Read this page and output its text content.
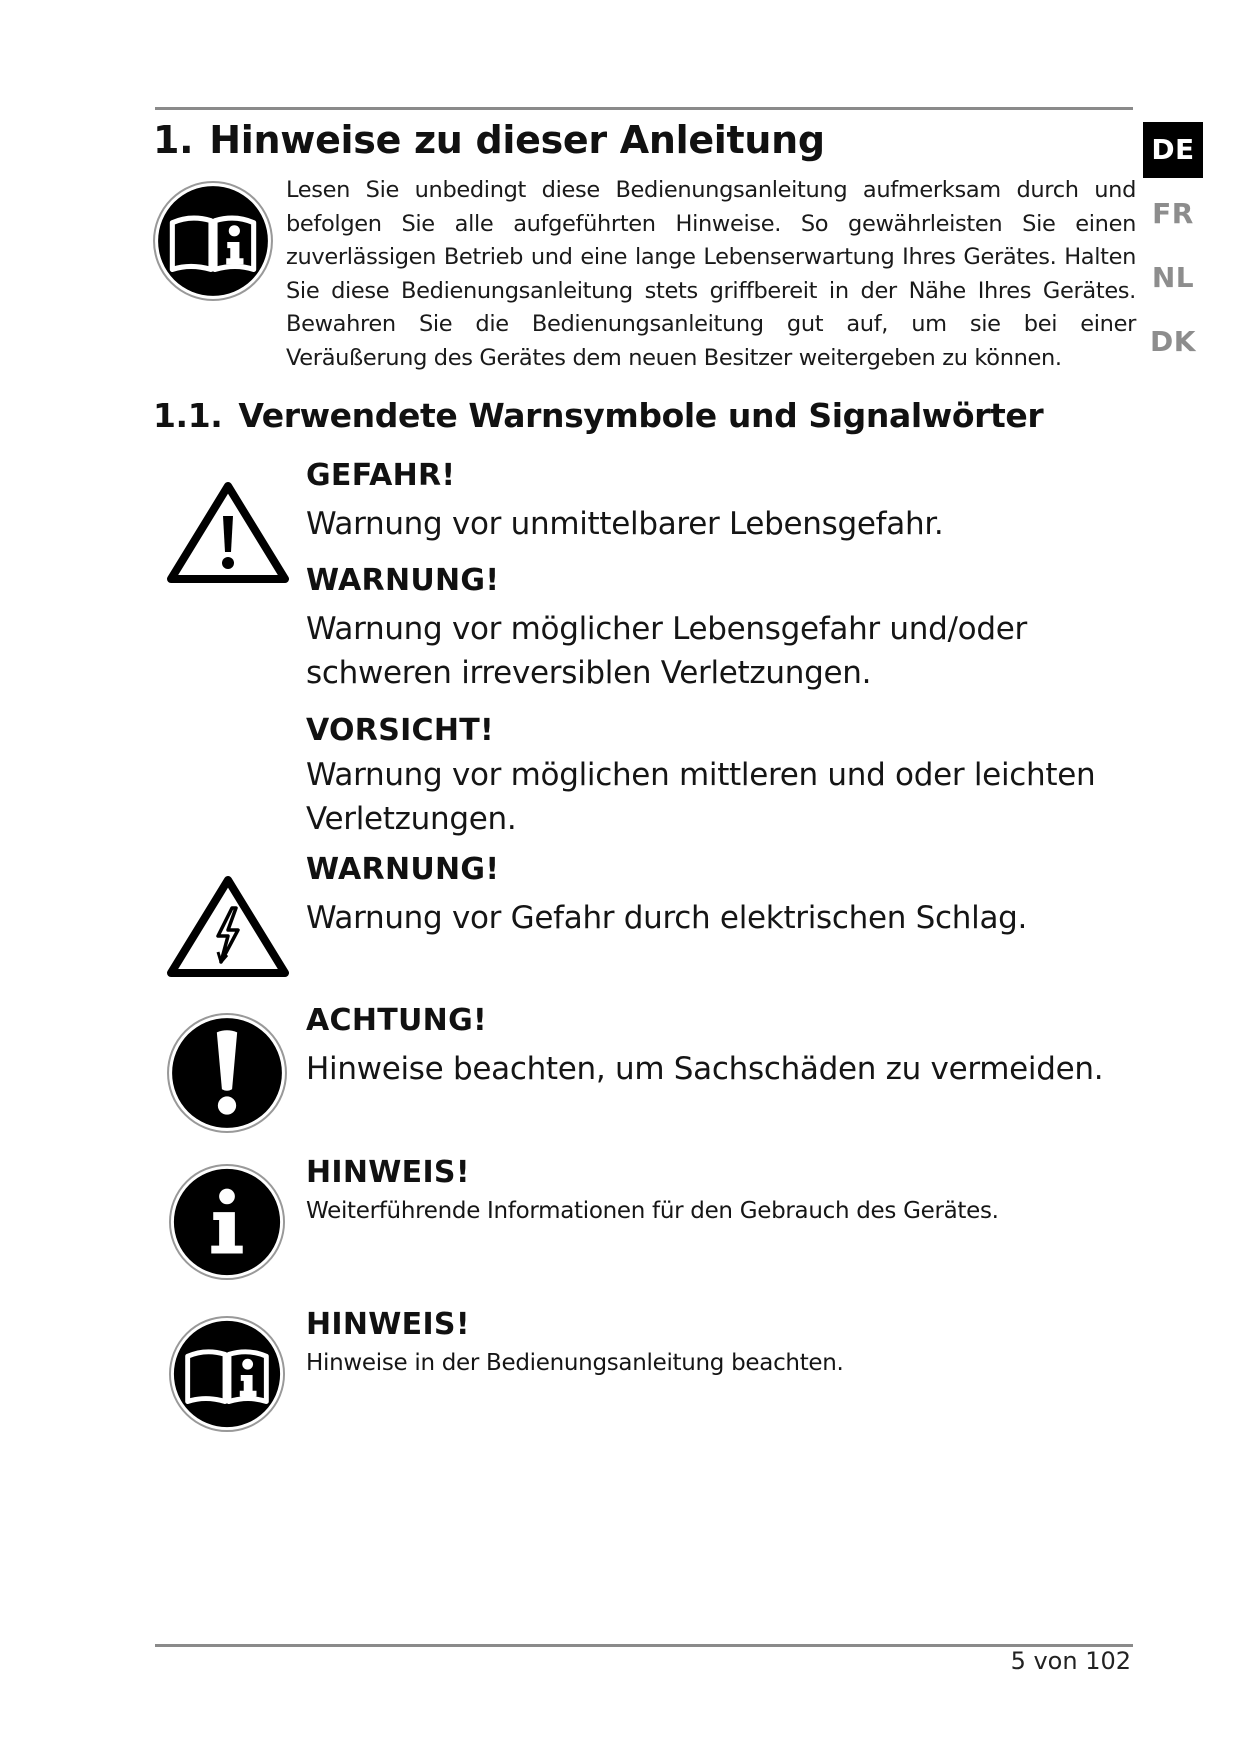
DE
FR
NL
DK
1. Hinweise zu dieser Anleitung
Lesen Sie unbedingt diese Bedienungsanleitung aufmerksam durch und befolgen Sie alle aufgeführten Hinweise. So gewährleisten Sie einen zuverlässigen Betrieb und eine lange Lebenserwartung Ihres Gerätes. Halten Sie diese Bedienungsanleitung stets griffbereit in der Nähe Ihres Gerätes. Bewahren Sie die Bedienungsanleitung gut auf, um sie bei einer Veräußerung des Gerätes dem neuen Besitzer weitergeben zu können.
1.1. Verwendete Warnsymbole und Signalwörter
GEFAHR!
Warnung vor unmittelbarer Lebensgefahr.
WARNUNG!
Warnung vor möglicher Lebensgefahr und/oder schweren irreversiblen Verletzungen.
VORSICHT!
Warnung vor möglichen mittleren und oder leichten Verletzungen.
WARNUNG!
Warnung vor Gefahr durch elektrischen Schlag.
ACHTUNG!
Hinweise beachten, um Sachschäden zu vermeiden.
HINWEIS!
Weiterführende Informationen für den Gebrauch des Gerätes.
HINWEIS!
Hinweise in der Bedienungsanleitung beachten.
5 von 102
